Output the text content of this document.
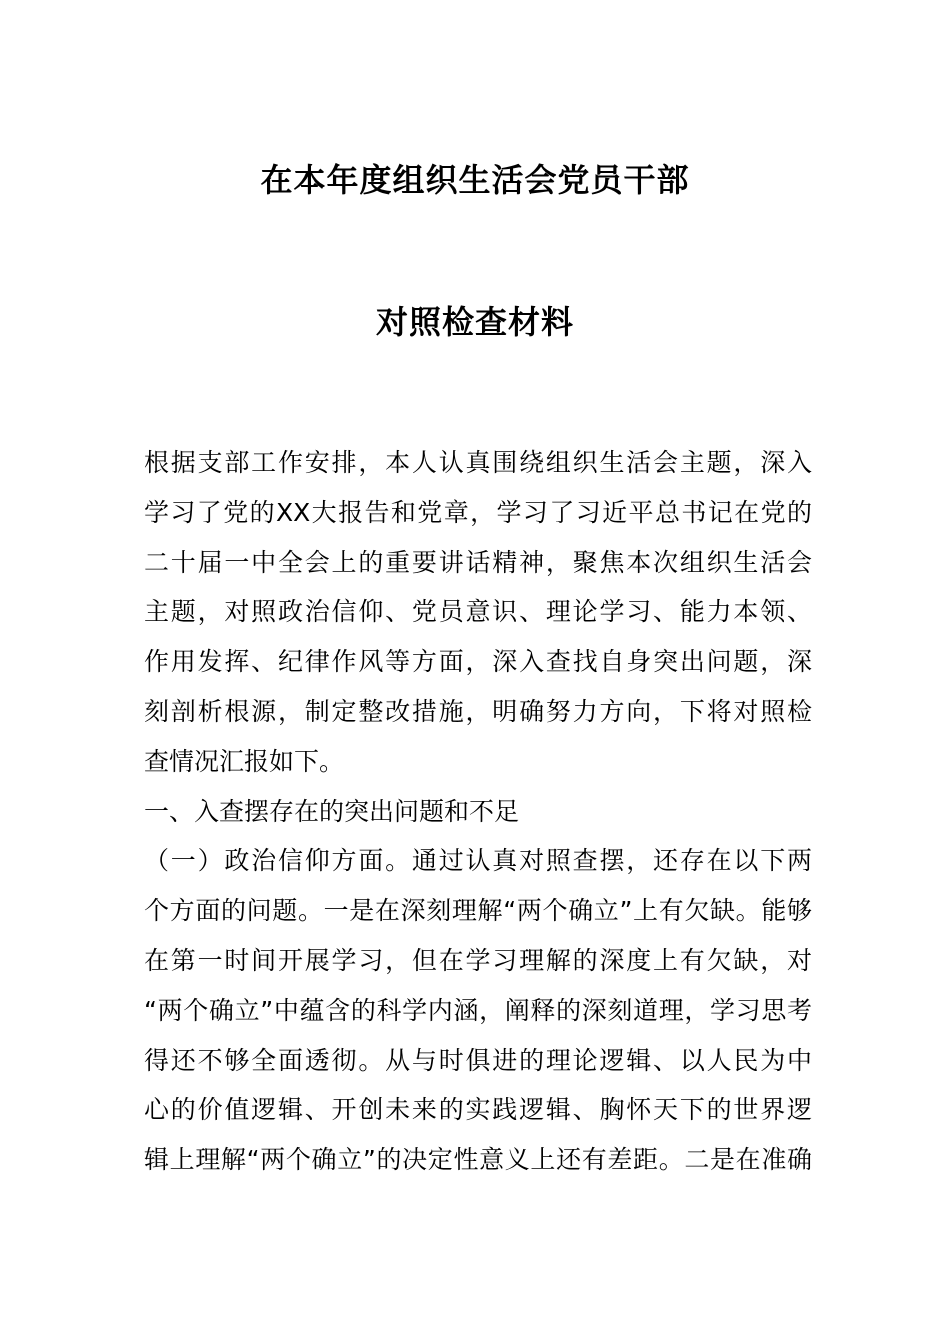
在本年度组织生活会党员干部
对照检查材料
根据支部工作安排，本人认真围绕组织生活会主题，深入
学习了党的XX大报告和党章，学习了习近平总书记在党的
二十届一中全会上的重要讲话精神，聚焦本次组织生活会
主题，对照政治信仰、党员意识、理论学习、能力本领、
作用发挥、纪律作风等方面，深入查找自身突出问题，深
刻剖析根源，制定整改措施，明确努力方向，下将对照检
查情况汇报如下。
一、入查摆存在的突出问题和不足
（一）政治信仰方面。通过认真对照查摆，还存在以下两
个方面的问题。一是在深刻理解“两个确立”上有欠缺。能够
在第一时间开展学习，但在学习理解的深度上有欠缺，对
“两个确立”中蕴含的科学内涵，阐释的深刻道理，学习思考
得还不够全面透彻。从与时俱进的理论逻辑、以人民为中
心的价值逻辑、开创未来的实践逻辑、胸怀天下的世界逻
辑上理解“两个确立”的决定性意义上还有差距。二是在准确
